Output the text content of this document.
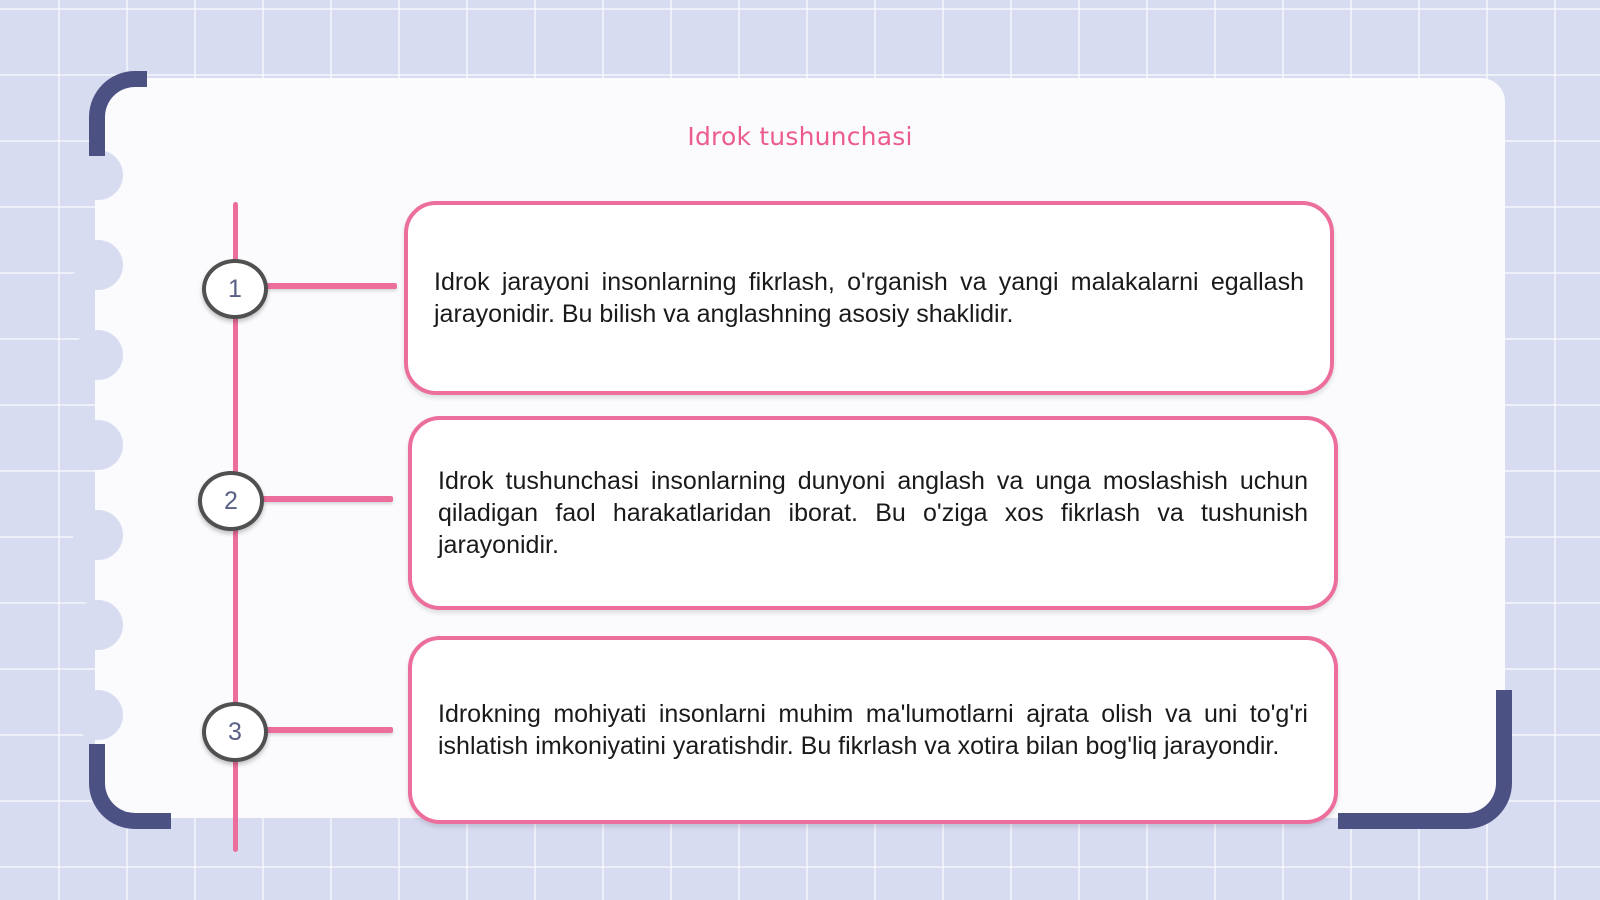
Idrok tushunchasi
1
2
3
Idrok jarayoni insonlarning fikrlash, o'rganish va yangi malakalarni egallash jarayonidir. Bu bilish va anglashning asosiy shaklidir.
Idrok tushunchasi insonlarning dunyoni anglash va unga moslashish uchun qiladigan faol harakatlaridan iborat. Bu o'ziga xos fikrlash va tushunish jarayonidir.
Idrokning mohiyati insonlarni muhim ma'lumotlarni ajrata olish va uni to'g'ri ishlatish imkoniyatini yaratishdir. Bu fikrlash va xotira bilan bog'liq jarayondir.
